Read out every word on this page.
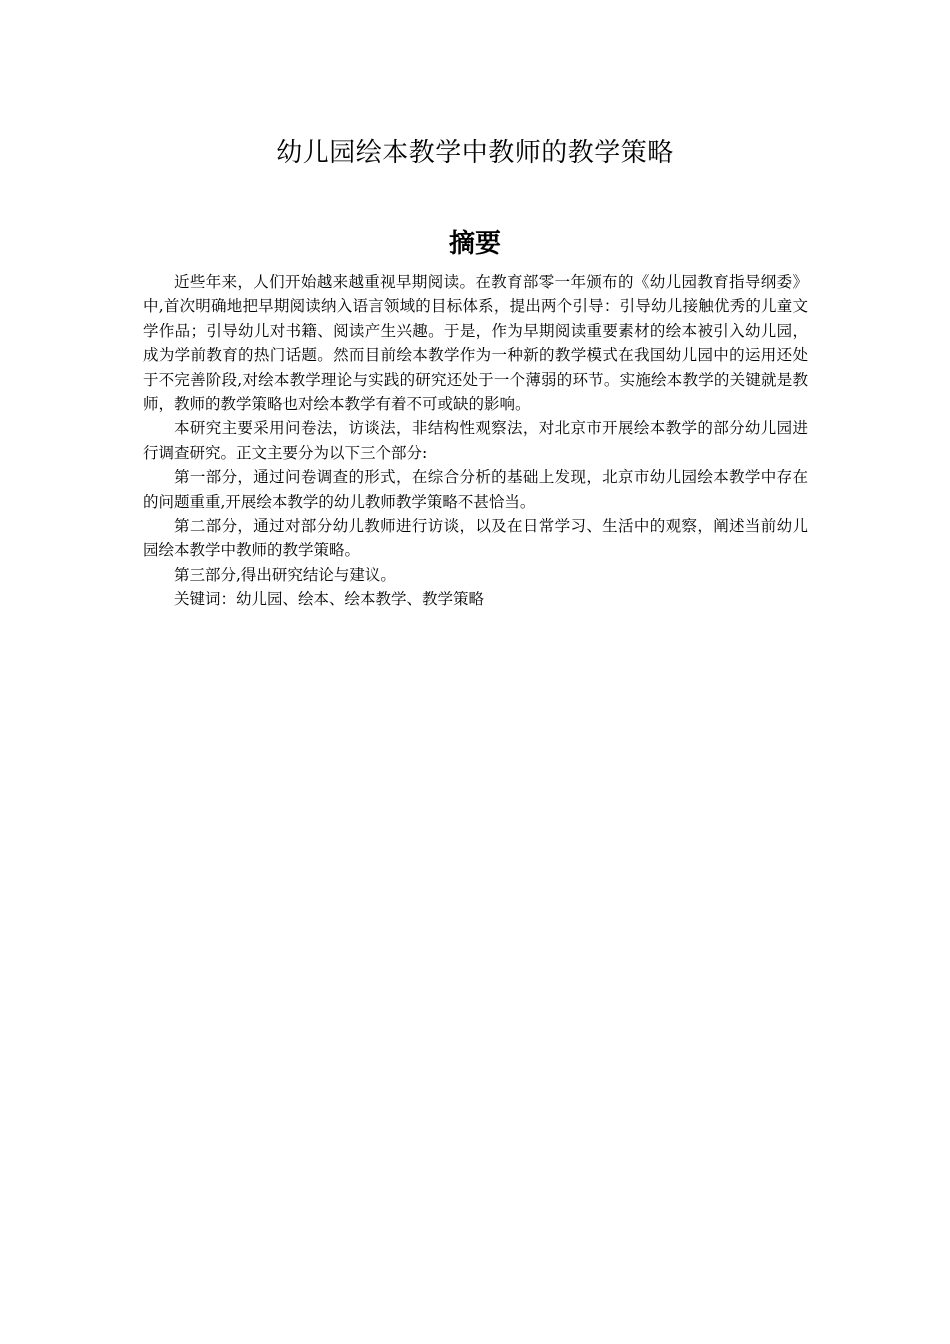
幼儿园绘本教学中教师的教学策略
摘要

近些年来，人们开始越来越重视早期阅读。在教育部零一年颁布的《幼儿园教育指导纲委》中,首次明确地把早期阅读纳入语言领域的目标体系，提出两个引导：引导幼儿接触优秀的儿童文学作品；引导幼儿对书籍、阅读产生兴趣。于是，作为早期阅读重要素材的绘本被引入幼儿园，成为学前教育的热门话题。然而目前绘本教学作为一种新的教学模式在我国幼儿园中的运用还处于不完善阶段,对绘本教学理论与实践的研究还处于一个薄弱的环节。实施绘本教学的关键就是教师，教师的教学策略也对绘本教学有着不可或缺的影响。

本研究主要采用问卷法，访谈法，非结构性观察法，对北京市开展绘本教学的部分幼儿园进行调查研究。正文主要分为以下三个部分:

第一部分，通过问卷调查的形式，在综合分析的基础上发现，北京市幼儿园绘本教学中存在的问题重重,开展绘本教学的幼儿教师教学策略不甚恰当。

第二部分，通过对部分幼儿教师进行访谈，以及在日常学习、生活中的观察，阐述当前幼儿园绘本教学中教师的教学策略。

第三部分,得出研究结论与建议。

关键词：幼儿园、绘本、绘本教学、教学策略
